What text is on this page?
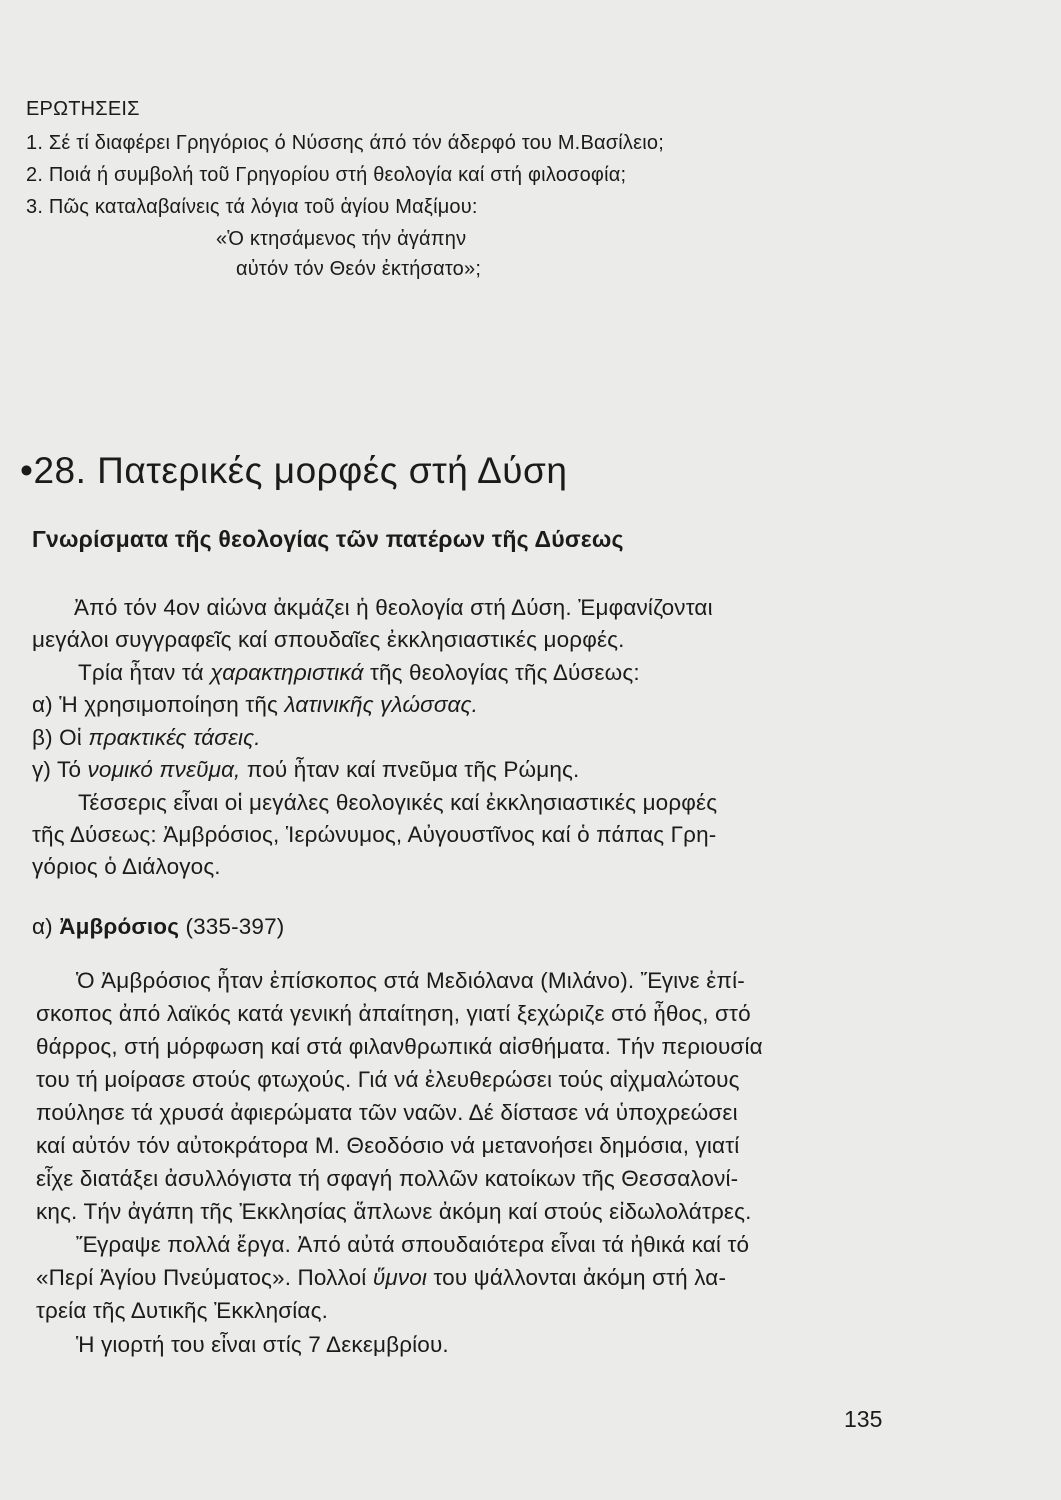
ΕΡΩΤΗΣΕΙΣ
1. Σέ τί διαφέρει Γρηγόριος ό Νύσσης άπό τόν άδερφό του Μ.Βασίλειο;
2. Ποιά ή συμβολή τοῦ Γρηγορίου στή θεολογία καί στή φιλοσοφία;
3. Πῶς καταλαβαίνεις τά λόγια τοῦ ἁγίου Μαξίμου:
«Ὁ κτησάμενος τήν ἀγάπην
αὐτόν τόν Θεόν ἐκτήσατο»;
•28. Πατερικές μορφές στή Δύση
Γνωρίσματα τῆς θεολογίας τῶν πατέρων τῆς Δύσεως
Ἀπό τόν 4ον αἰώνα ἀκμάζει ἡ θεολογία στή Δύση. Ἐμφανίζονται
μεγάλοι συγγραφεῖς καί σπουδαῖες ἐκκλησιαστικές μορφές.
Τρία ἦταν τά χαρακτηριστικά τῆς θεολογίας τῆς Δύσεως:
α) Ἡ χρησιμοποίηση τῆς λατινικῆς γλώσσας.
β) Οἱ πρακτικές τάσεις.
γ) Τό νομικό πνεῦμα, πού ἦταν καί πνεῦμα τῆς Ρώμης.
Τέσσερις εἶναι οἱ μεγάλες θεολογικές καί ἐκκλησιαστικές μορφές
τῆς Δύσεως: Ἀμβρόσιος, Ἱερώνυμος, Αὐγουστῖνος καί ὁ πάπας Γρη-
γόριος ὁ Διάλογος.
α) Ἀμβρόσιος (335-397)
Ὁ Ἀμβρόσιος ἦταν ἐπίσκοπος στά Μεδιόλανα (Μιλάνο). Ἔγινε ἐπί-
σκοπος ἀπό λαϊκός κατά γενική ἀπαίτηση, γιατί ξεχώριζε στό ἦθος, στό
θάρρος, στή μόρφωση καί στά φιλανθρωπικά αἰσθήματα. Τήν περιουσία
του τή μοίρασε στούς φτωχούς. Γιά νά ἐλευθερώσει τούς αἰχμαλώτους
πούλησε τά χρυσά ἀφιερώματα τῶν ναῶν. Δέ δίστασε νά ὑποχρεώσει
καί αὐτόν τόν αὐτοκράτορα Μ. Θεοδόσιο νά μετανοήσει δημόσια, γιατί
εἶχε διατάξει ἀσυλλόγιστα τή σφαγή πολλῶν κατοίκων τῆς Θεσσαλονί-
κης. Τήν ἀγάπη τῆς Ἐκκλησίας ἅπλωνε ἀκόμη καί στούς εἰδωλολάτρες.
Ἔγραψε πολλά ἔργα. Ἀπό αὐτά σπουδαιότερα εἶναι τά ἠθικά καί τό
«Περί Ἁγίου Πνεύματος». Πολλοί ὕμνοι του ψάλλονται ἀκόμη στή λα-
τρεία τῆς Δυτικῆς Ἐκκλησίας.
Ἡ γιορτή του εἶναι στίς 7 Δεκεμβρίου.
135
